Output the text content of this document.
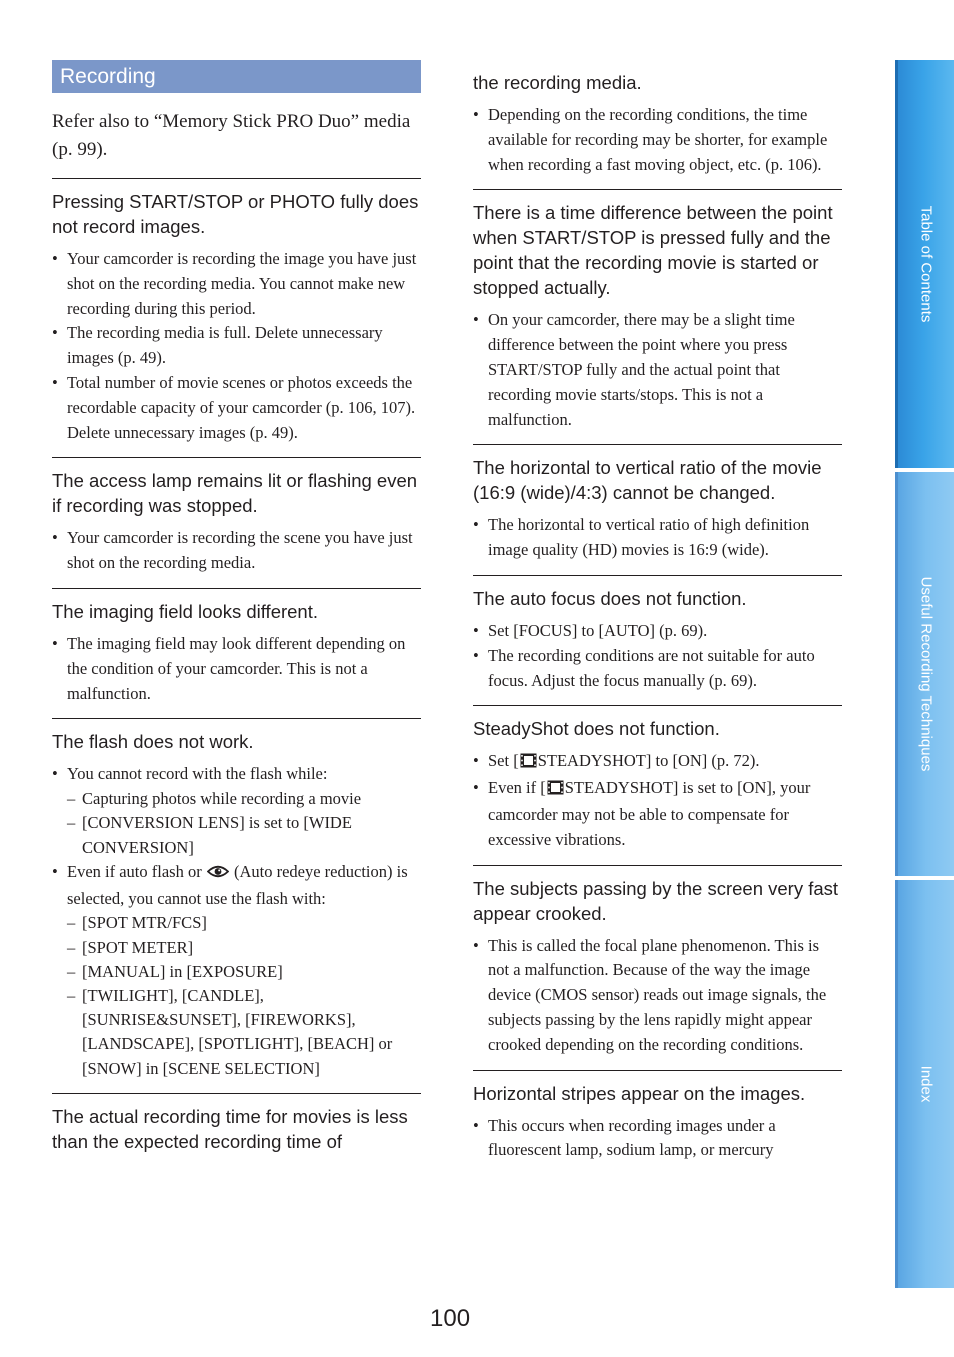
Recording

Refer also to “Memory Stick PRO Duo” media (p. 99).

Pressing START/STOP or PHOTO fully does not record images.

• Your camcorder is recording the image you have just shot on the recording media. You cannot make new recording during this period.
• The recording media is full. Delete unnecessary images (p. 49).
• Total number of movie scenes or photos exceeds the recordable capacity of your camcorder (p. 106, 107). Delete unnecessary images (p. 49).

The access lamp remains lit or flashing even if recording was stopped.

• Your camcorder is recording the scene you have just shot on the recording media.

The imaging field looks different.

• The imaging field may look different depending on the condition of your camcorder. This is not a malfunction.

The flash does not work.

• You cannot record with the flash while:
– Capturing photos while recording a movie
– [CONVERSION LENS] is set to [WIDE CONVERSION]
• Even if auto flash or (Auto redeye reduction) is selected, you cannot use the flash with:
– [SPOT MTR/FCS]
– [SPOT METER]
– [MANUAL] in [EXPOSURE]
– [TWILIGHT], [CANDLE], [SUNRISE&SUNSET], [FIREWORKS], [LANDSCAPE], [SPOTLIGHT], [BEACH] or [SNOW] in [SCENE SELECTION]

The actual recording time for movies is less than the expected recording time of

the recording media.

• Depending on the recording conditions, the time available for recording may be shorter, for example when recording a fast moving object, etc. (p. 106).

There is a time difference between the point when START/STOP is pressed fully and the point that the recording movie is started or stopped actually.

• On your camcorder, there may be a slight time difference between the point where you press START/STOP fully and the actual point that recording movie starts/stops. This is not a malfunction.

The horizontal to vertical ratio of the movie (16:9 (wide)/4:3) cannot be changed.

• The horizontal to vertical ratio of high definition image quality (HD) movies is 16:9 (wide).

The auto focus does not function.

• Set [FOCUS] to [AUTO] (p. 69).
• The recording conditions are not suitable for auto focus. Adjust the focus manually (p. 69).

SteadyShot does not function.

• Set [ STEADYSHOT] to [ON] (p. 72).
• Even if [ STEADYSHOT] is set to [ON], your camcorder may not be able to compensate for excessive vibrations.

The subjects passing by the screen very fast appear crooked.

• This is called the focal plane phenomenon. This is not a malfunction. Because of the way the image device (CMOS sensor) reads out image signals, the subjects passing by the lens rapidly might appear crooked depending on the recording conditions.

Horizontal stripes appear on the images.

• This occurs when recording images under a fluorescent lamp, sodium lamp, or mercury
Table of Contents
Useful Recording Techniques
Index
100
